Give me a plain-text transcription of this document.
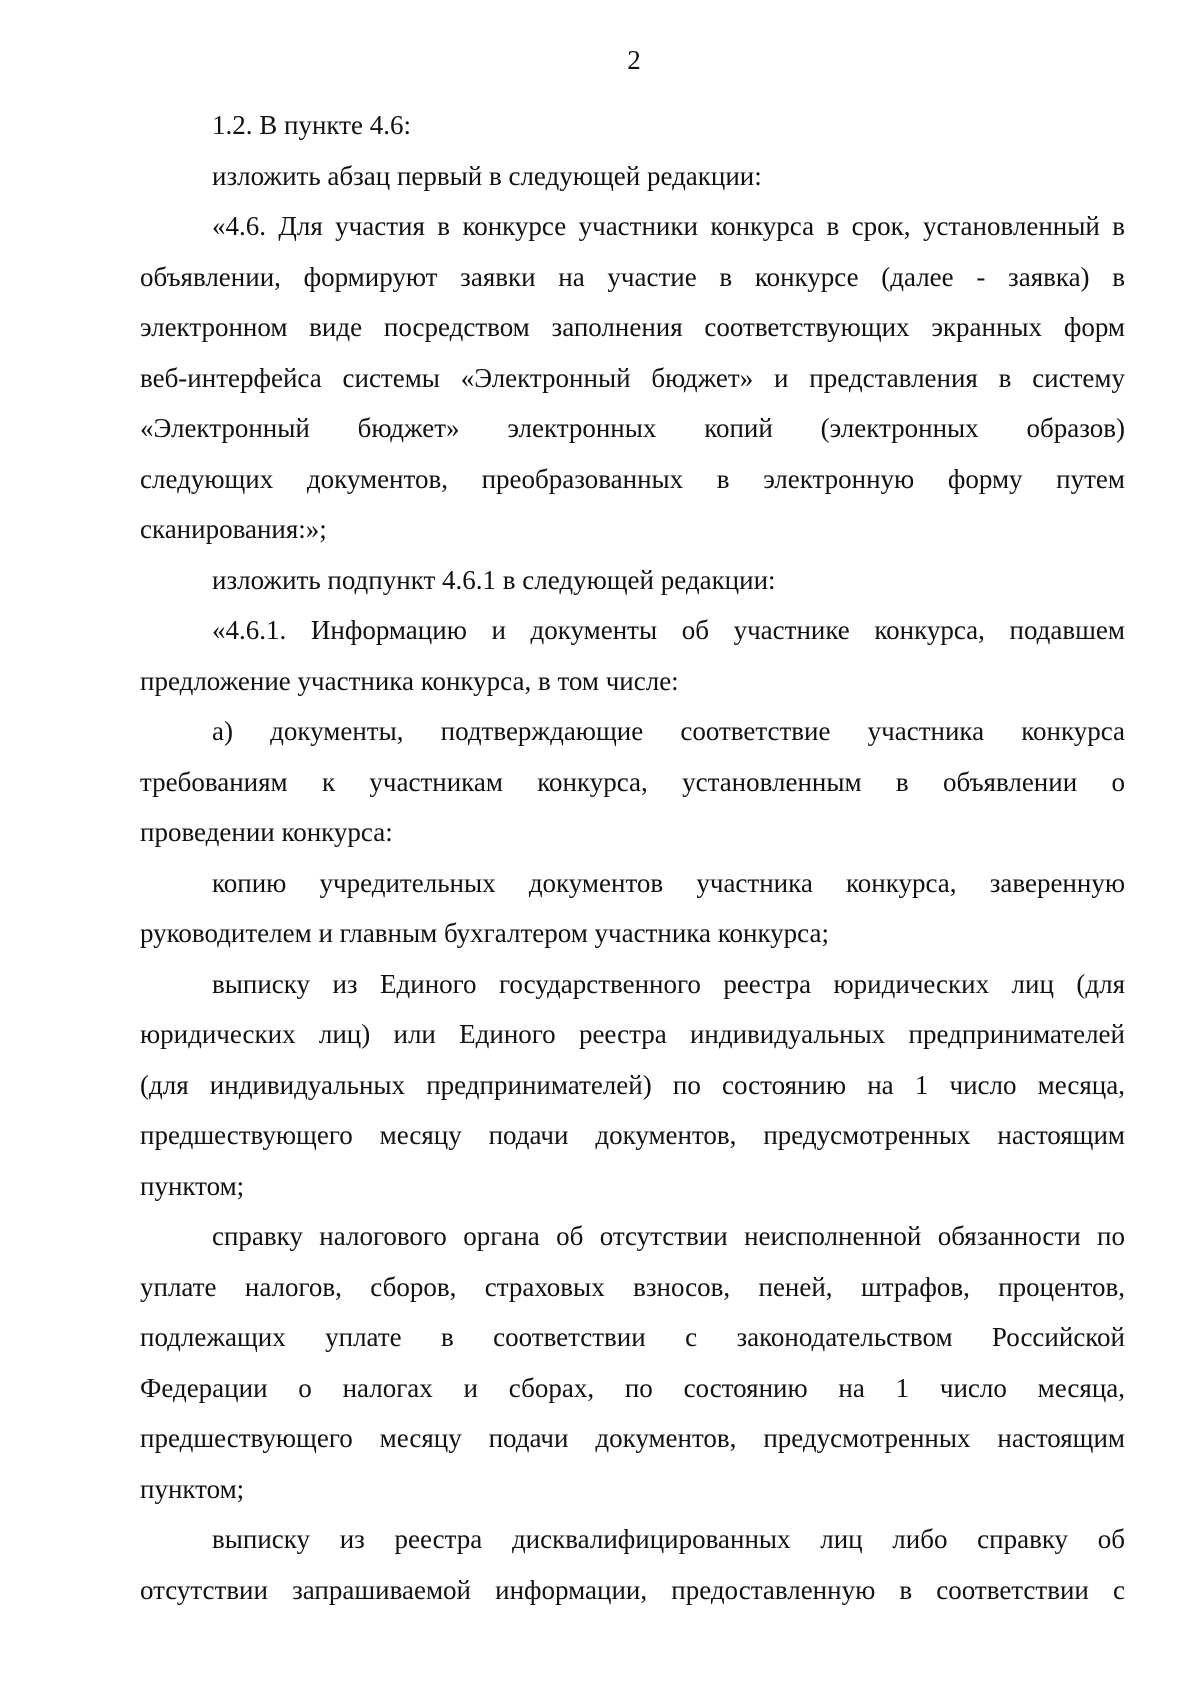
2
1.2. В пункте 4.6:
изложить абзац первый в следующей редакции:
«4.6. Для участия в конкурсе участники конкурса в срок, установленный в
объявлении, формируют заявки на участие в конкурсе (далее - заявка) в
электронном виде посредством заполнения соответствующих экранных форм
веб-интерфейса системы «Электронный бюджет» и представления в систему
«Электронный бюджет» электронных копий (электронных образов)
следующих документов, преобразованных в электронную форму путем
сканирования:»;
изложить подпункт 4.6.1 в следующей редакции:
«4.6.1. Информацию и документы об участнике конкурса, подавшем
предложение участника конкурса, в том числе:
а) документы, подтверждающие соответствие участника конкурса
требованиям к участникам конкурса, установленным в объявлении о
проведении конкурса:
копию учредительных документов участника конкурса, заверенную
руководителем и главным бухгалтером участника конкурса;
выписку из Единого государственного реестра юридических лиц (для
юридических лиц) или Единого реестра индивидуальных предпринимателей
(для индивидуальных предпринимателей) по состоянию на 1 число месяца,
предшествующего месяцу подачи документов, предусмотренных настоящим
пунктом;
справку налогового органа об отсутствии неисполненной обязанности по
уплате налогов, сборов, страховых взносов, пеней, штрафов, процентов,
подлежащих уплате в соответствии с законодательством Российской
Федерации о налогах и сборах, по состоянию на 1 число месяца,
предшествующего месяцу подачи документов, предусмотренных настоящим
пунктом;
выписку из реестра дисквалифицированных лиц либо справку об
отсутствии запрашиваемой информации, предоставленную в соответствии с
